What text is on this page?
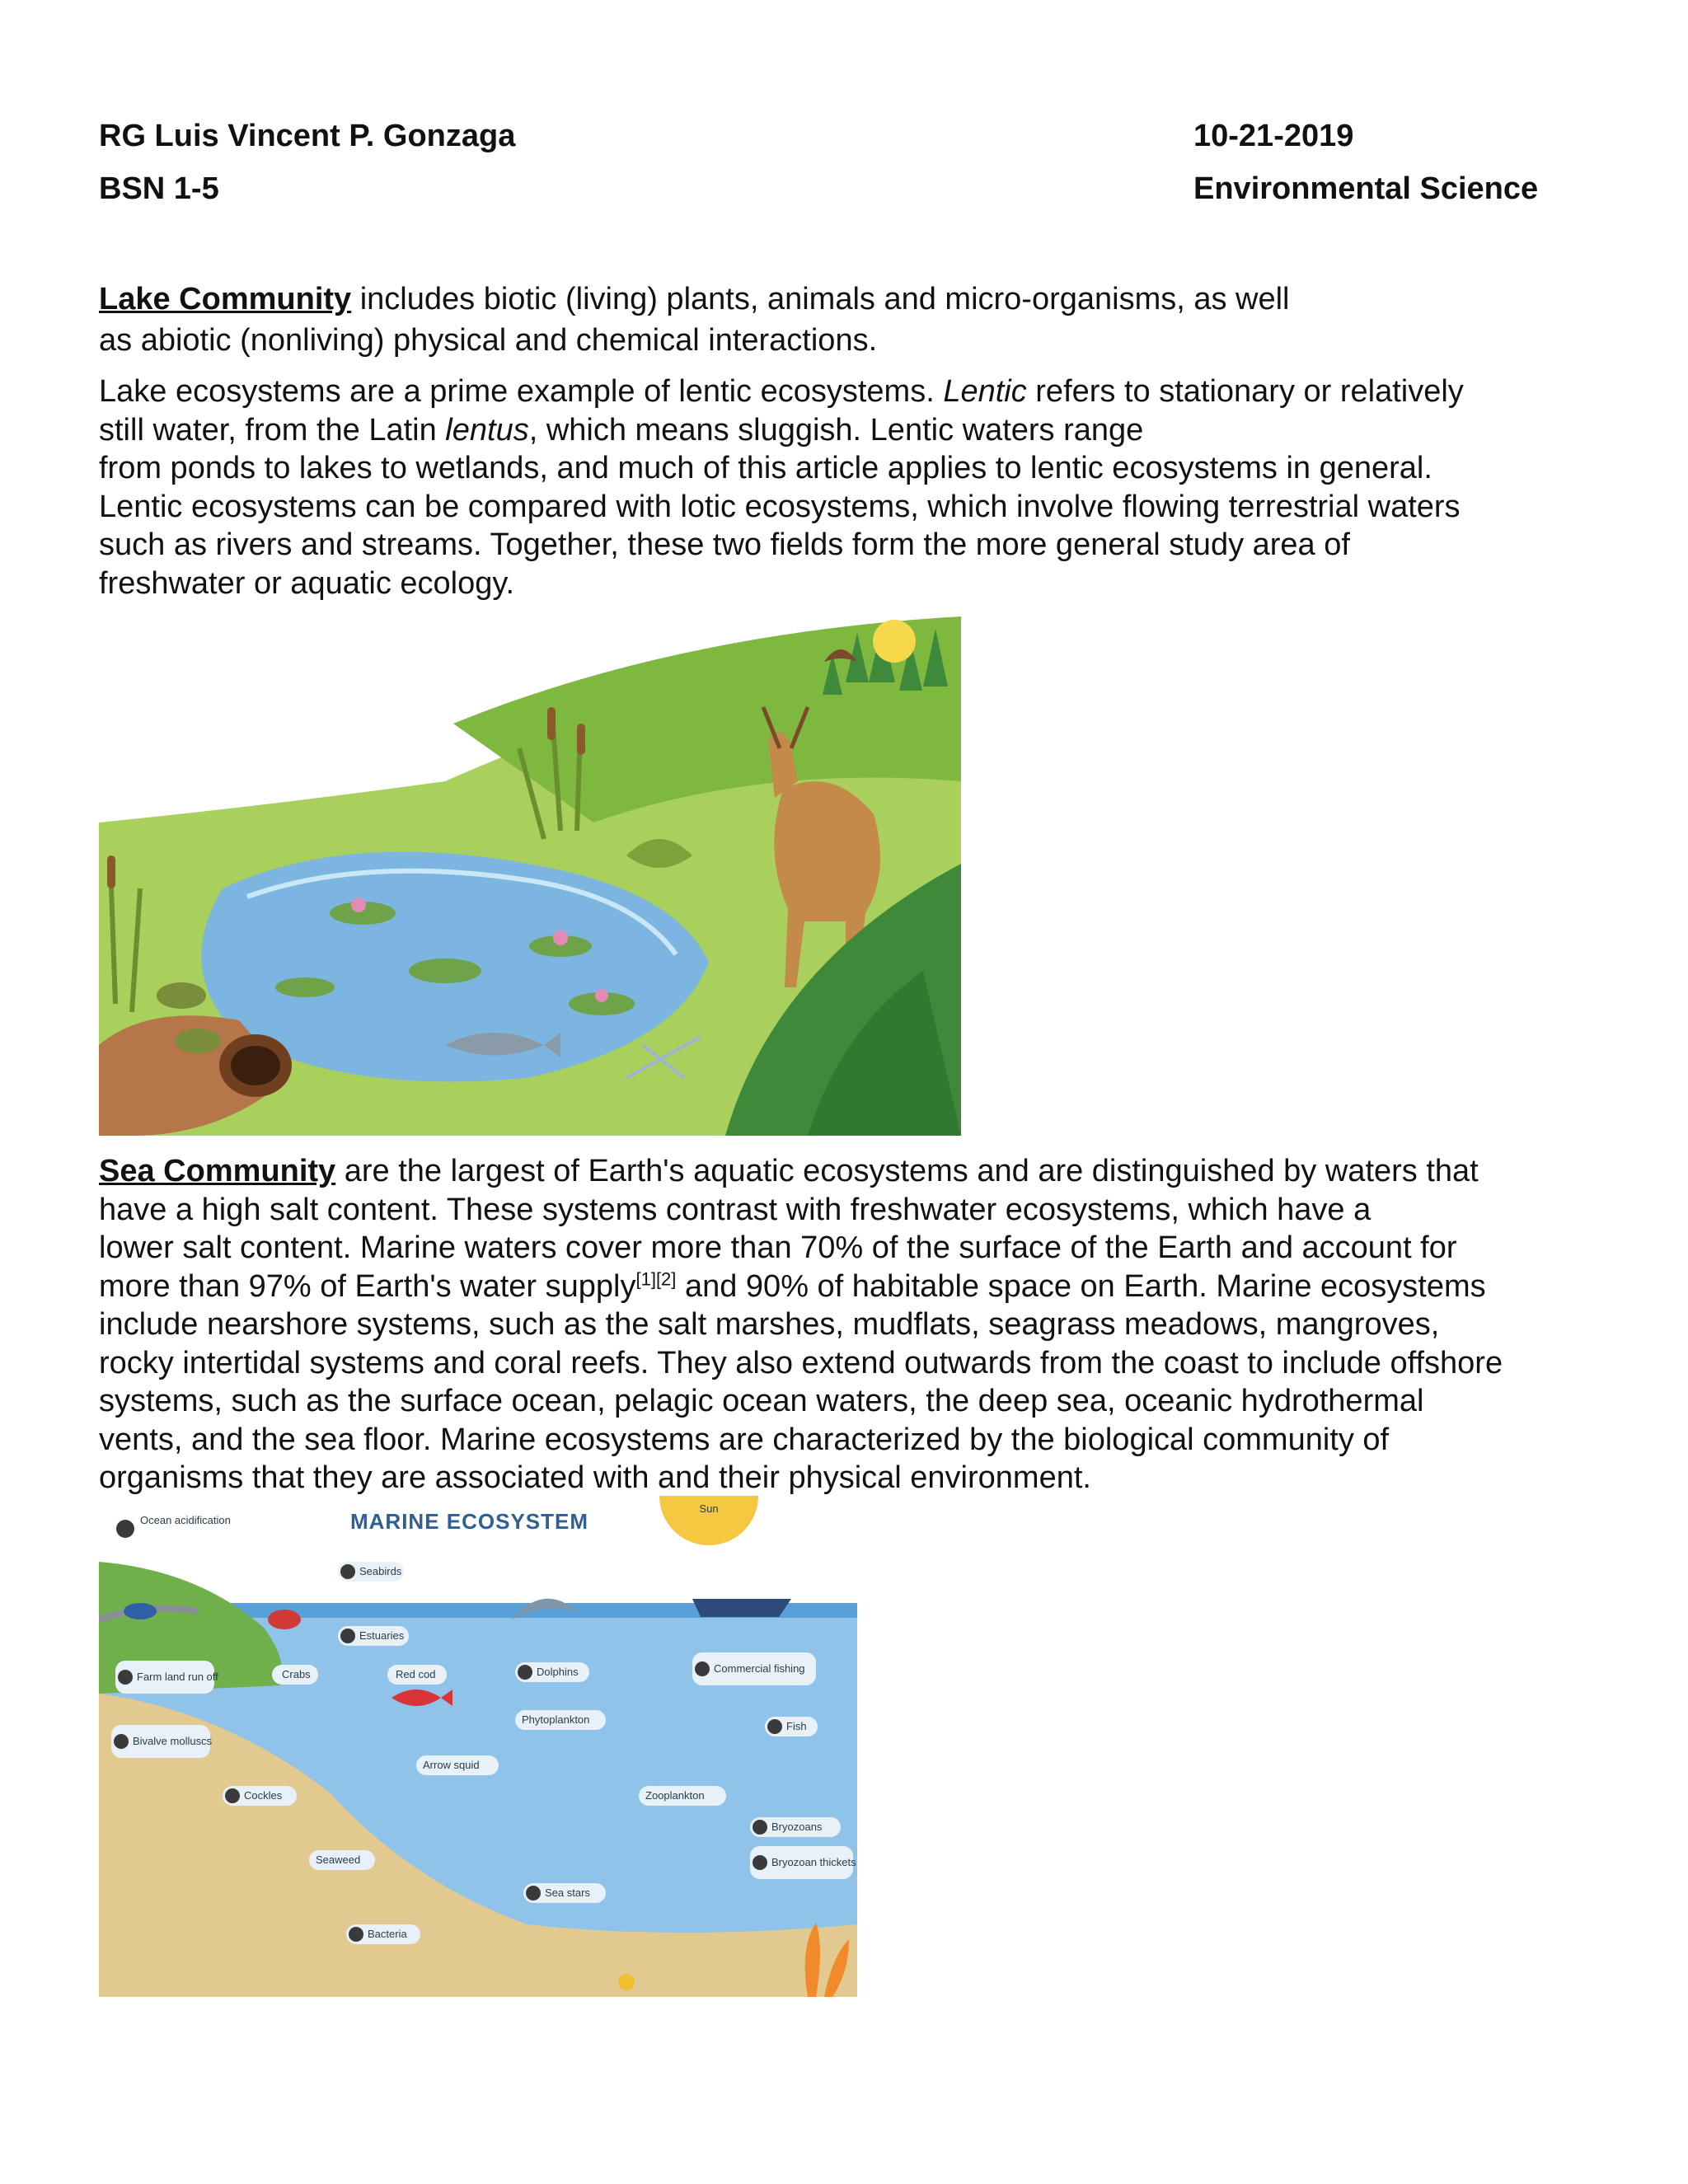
RG Luis Vincent P. Gonzaga
BSN 1-5
10-21-2019
Environmental Science
Lake Community includes biotic (living) plants, animals and micro-organisms, as well
as abiotic (nonliving) physical and chemical interactions.
Lake ecosystems are a prime example of lentic ecosystems. Lentic refers to stationary or relatively
still water, from the Latin lentus, which means sluggish. Lentic waters range
from ponds to lakes to wetlands, and much of this article applies to lentic ecosystems in general.
Lentic ecosystems can be compared with lotic ecosystems, which involve flowing terrestrial waters
such as rivers and streams. Together, these two fields form the more general study area of
freshwater or aquatic ecology.
Sea Community are the largest of Earth's aquatic ecosystems and are distinguished by waters that
have a high salt content. These systems contrast with freshwater ecosystems, which have a
lower salt content. Marine waters cover more than 70% of the surface of the Earth and account for
more than 97% of Earth's water supply[1][2] and 90% of habitable space on Earth. Marine ecosystems
include nearshore systems, such as the salt marshes, mudflats, seagrass meadows, mangroves,
rocky intertidal systems and coral reefs. They also extend outwards from the coast to include offshore
systems, such as the surface ocean, pelagic ocean waters, the deep sea, oceanic hydrothermal
vents, and the sea floor. Marine ecosystems are characterized by the biological community of
organisms that they are associated with and their physical environment.
Sun
MARINE ECOSYSTEM
Ocean acidification
Seabirds
Estuaries
Farm land run off	Crabs	Red cod	Dolphins	Commercial fishing
Phytoplankton
Fish
Bivalve molluscs
Arrow squid
Cockles	Zooplankton
Bryozoans
Bryozoan thickets
Seaweed
Sea stars
Bacteria
